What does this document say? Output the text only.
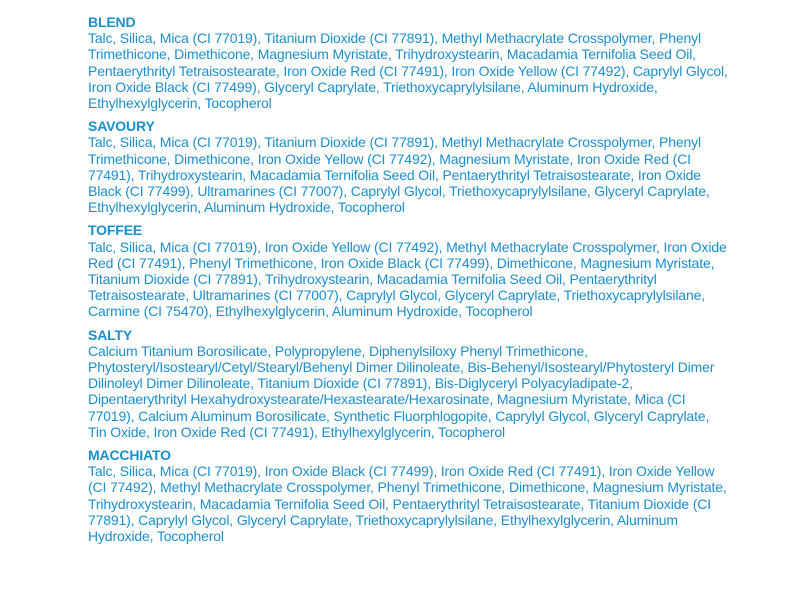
BLEND
Talc, Silica, Mica (CI 77019), Titanium Dioxide (CI 77891), Methyl Methacrylate Crosspolymer, Phenyl Trimethicone, Dimethicone, Magnesium Myristate, Trihydroxystearin, Macadamia Ternifolia Seed Oil, Pentaerythrityl Tetraisostearate, Iron Oxide Red (CI 77491), Iron Oxide Yellow (CI 77492), Caprylyl Glycol, Iron Oxide Black (CI 77499), Glyceryl Caprylate, Triethoxycaprylylsilane, Aluminum Hydroxide, Ethylhexylglycerin, Tocopherol
SAVOURY
Talc, Silica, Mica (CI 77019), Titanium Dioxide (CI 77891), Methyl Methacrylate Crosspolymer, Phenyl Trimethicone, Dimethicone, Iron Oxide Yellow (CI 77492), Magnesium Myristate, Iron Oxide Red (CI 77491), Trihydroxystearin, Macadamia Ternifolia Seed Oil, Pentaerythrityl Tetraisostearate, Iron Oxide Black (CI 77499), Ultramarines (CI 77007), Caprylyl Glycol, Triethoxycaprylylsilane, Glyceryl Caprylate, Ethylhexylglycerin, Aluminum Hydroxide, Tocopherol
TOFFEE
Talc, Silica, Mica (CI 77019), Iron Oxide Yellow (CI 77492), Methyl Methacrylate Crosspolymer, Iron Oxide Red (CI 77491), Phenyl Trimethicone, Iron Oxide Black (CI 77499), Dimethicone, Magnesium Myristate, Titanium Dioxide (CI 77891), Trihydroxystearin, Macadamia Ternifolia Seed Oil, Pentaerythrityl Tetraisostearate, Ultramarines (CI 77007), Caprylyl Glycol, Glyceryl Caprylate, Triethoxycaprylylsilane, Carmine (CI 75470), Ethylhexylglycerin, Aluminum Hydroxide, Tocopherol
SALTY
Calcium Titanium Borosilicate, Polypropylene, Diphenylsiloxy Phenyl Trimethicone, Phytosteryl/Isostearyl/Cetyl/Stearyl/Behenyl Dimer Dilinoleate, Bis-Behenyl/Isostearyl/Phytosteryl Dimer Dilinoleyl Dimer Dilinoleate, Titanium Dioxide (CI 77891), Bis-Diglyceryl Polyacyladipate-2, Dipentaerythrityl Hexahydroxystearate/Hexastearate/Hexarosinate, Magnesium Myristate, Mica (CI 77019), Calcium Aluminum Borosilicate, Synthetic Fluorphlogopite, Caprylyl Glycol, Glyceryl Caprylate, Tin Oxide, Iron Oxide Red (CI 77491), Ethylhexylglycerin, Tocopherol
MACCHIATO
Talc, Silica, Mica (CI 77019), Iron Oxide Black (CI 77499), Iron Oxide Red (CI 77491), Iron Oxide Yellow (CI 77492), Methyl Methacrylate Crosspolymer, Phenyl Trimethicone, Dimethicone, Magnesium Myristate, Trihydroxystearin, Macadamia Ternifolia Seed Oil, Pentaerythrityl Tetraisostearate, Titanium Dioxide (CI 77891), Caprylyl Glycol, Glyceryl Caprylate, Triethoxycaprylylsilane, Ethylhexylglycerin, Aluminum Hydroxide, Tocopherol
